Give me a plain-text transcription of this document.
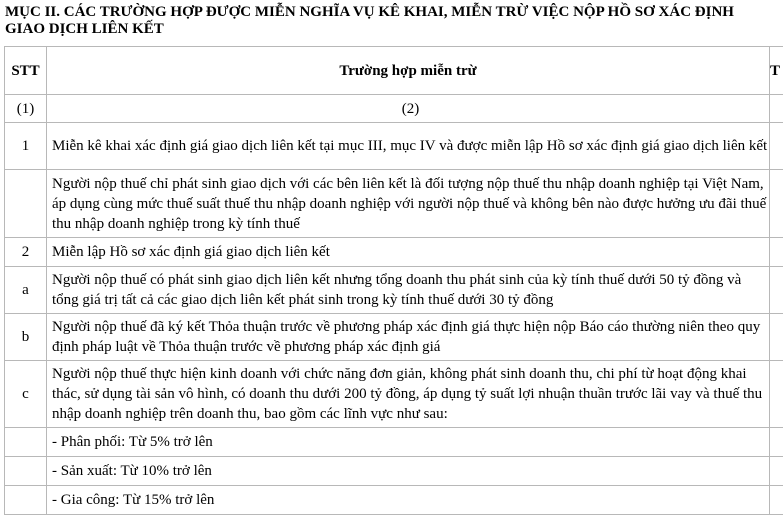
MỤC II. CÁC TRƯỜNG HỢP ĐƯỢC MIỄN NGHĨA VỤ KÊ KHAI, MIỄN TRỪ VIỆC NỘP HỒ SƠ XÁC ĐỊNH
GIAO DỊCH LIÊN KẾT
STT	Trường hợp miễn trừ	T
(1)	(2)	
1	Miễn kê khai xác định giá giao dịch liên kết tại mục III, mục IV và được miễn lập Hồ sơ xác định giá giao dịch liên kết	
	Người nộp thuế chỉ phát sinh giao dịch với các bên liên kết là đối tượng nộp thuế thu nhập doanh nghiệp tại Việt Nam, áp dụng cùng mức thuế suất thuế thu nhập doanh nghiệp với người nộp thuế và không bên nào được hưởng ưu đãi thuế thu nhập doanh nghiệp trong kỳ tính thuế	
2	Miễn lập Hồ sơ xác định giá giao dịch liên kết	
a	Người nộp thuế có phát sinh giao dịch liên kết nhưng tổng doanh thu phát sinh của kỳ tính thuế dưới 50 tỷ đồng và tổng giá trị tất cả các giao dịch liên kết phát sinh trong kỳ tính thuế dưới 30 tỷ đồng	
b	Người nộp thuế đã ký kết Thỏa thuận trước về phương pháp xác định giá thực hiện nộp Báo cáo thường niên theo quy định pháp luật về Thỏa thuận trước về phương pháp xác định giá	
c	Người nộp thuế thực hiện kinh doanh với chức năng đơn giản, không phát sinh doanh thu, chi phí từ hoạt động khai thác, sử dụng tài sản vô hình, có doanh thu dưới 200 tỷ đồng, áp dụng tỷ suất lợi nhuận thuần trước lãi vay và thuế thu nhập doanh nghiệp trên doanh thu, bao gồm các lĩnh vực như sau:	
	- Phân phối: Từ 5% trở lên	
	- Sản xuất: Từ 10% trở lên	
	- Gia công: Từ 15% trở lên	
